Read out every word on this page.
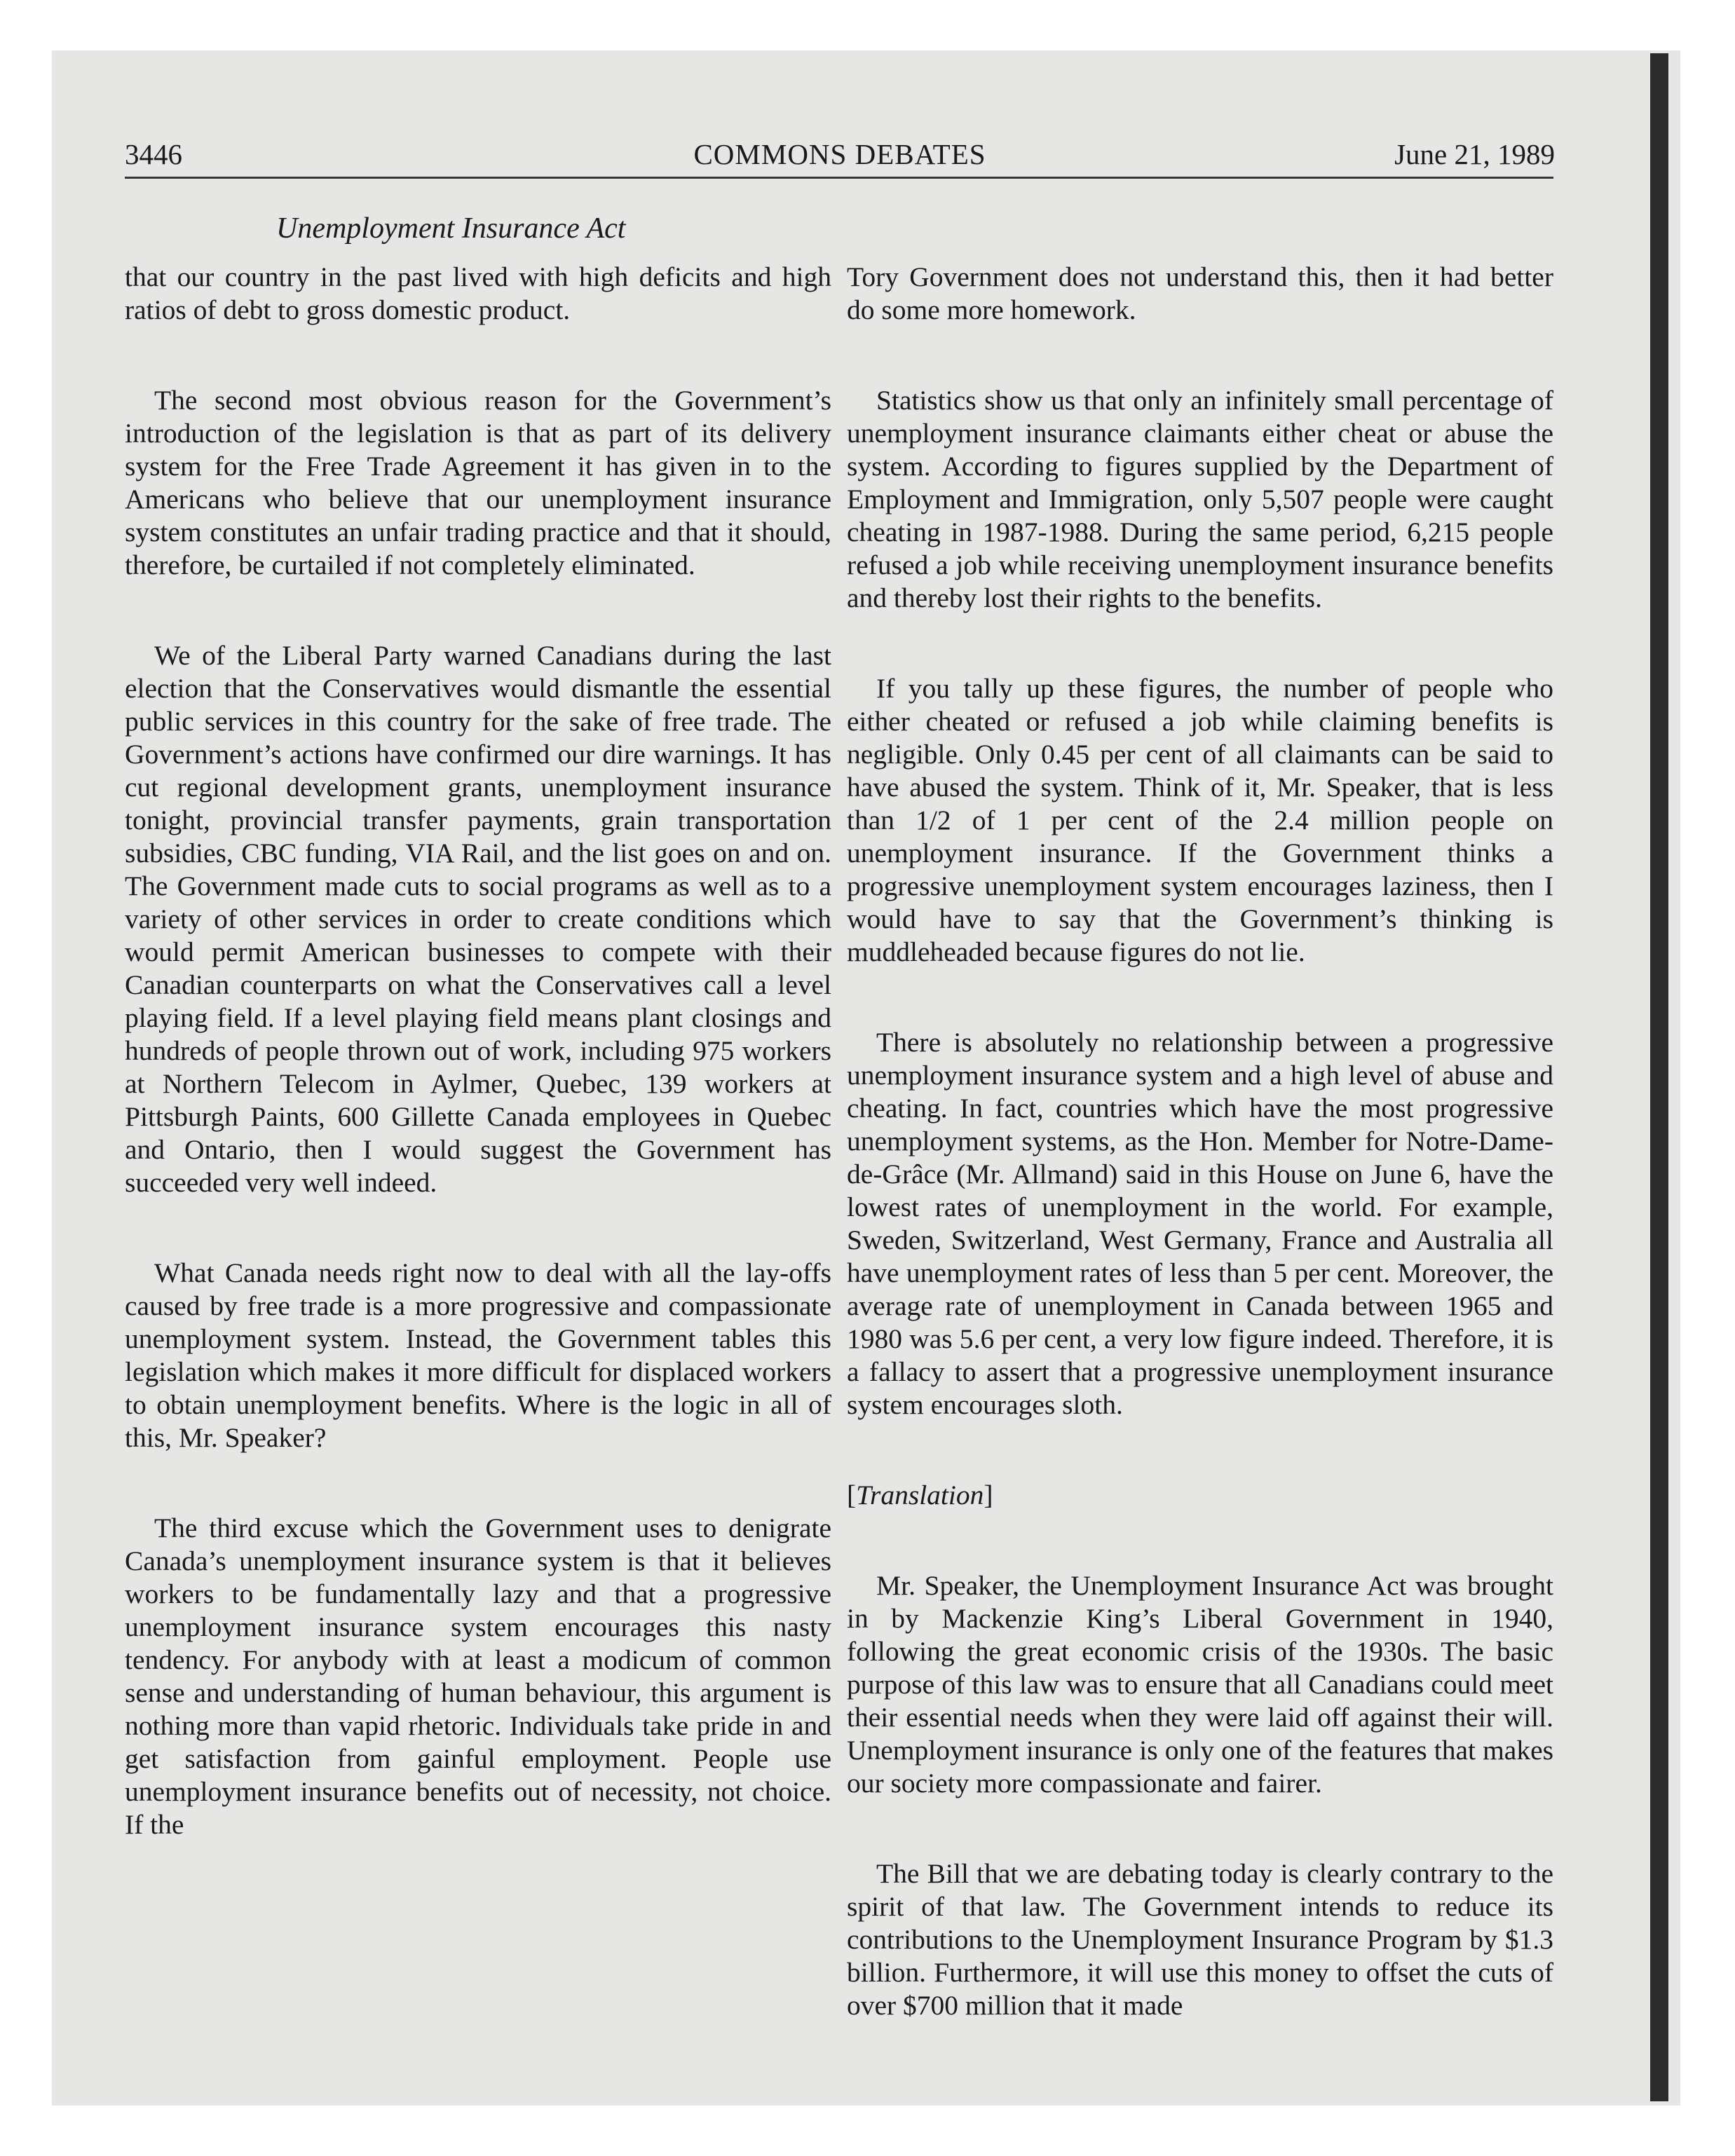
3446	COMMONS DEBATES	June 21, 1989
Unemployment Insurance Act

that our country in the past lived with high deficits and high ratios of debt to gross domestic product.

The second most obvious reason for the Government’s introduction of the legislation is that as part of its delivery system for the Free Trade Agreement it has given in to the Americans who believe that our unemployment insurance system constitutes an unfair trading practice and that it should, therefore, be curtailed if not completely eliminated.

We of the Liberal Party warned Canadians during the last election that the Conservatives would dismantle the essential public services in this country for the sake of free trade. The Government’s actions have confirmed our dire warnings. It has cut regional development grants, unemployment insurance tonight, provincial transfer payments, grain transportation subsidies, CBC funding, VIA Rail, and the list goes on and on. The Government made cuts to social programs as well as to a variety of other services in order to create conditions which would permit American businesses to compete with their Canadian counterparts on what the Conservatives call a level playing field. If a level playing field means plant closings and hundreds of people thrown out of work, including 975 workers at Northern Telecom in Aylmer, Quebec, 139 workers at Pittsburgh Paints, 600 Gillette Canada employees in Quebec and Ontario, then I would suggest the Government has succeeded very well indeed.

What Canada needs right now to deal with all the lay-offs caused by free trade is a more progressive and compassionate unemployment system. Instead, the Government tables this legislation which makes it more difficult for displaced workers to obtain unemployment benefits. Where is the logic in all of this, Mr. Speaker?

The third excuse which the Government uses to denigrate Canada’s unemployment insurance system is that it believes workers to be fundamentally lazy and that a progressive unemployment insurance system encourages this nasty tendency. For anybody with at least a modicum of common sense and understanding of human behaviour, this argument is nothing more than vapid rhetoric. Individuals take pride in and get satisfaction from gainful employment. People use unemployment insurance benefits out of necessity, not choice. If the

Tory Government does not understand this, then it had better do some more homework.

Statistics show us that only an infinitely small percentage of unemployment insurance claimants either cheat or abuse the system. According to figures supplied by the Department of Employment and Immigration, only 5,507 people were caught cheating in 1987-1988. During the same period, 6,215 people refused a job while receiving unemployment insurance benefits and thereby lost their rights to the benefits.

If you tally up these figures, the number of people who either cheated or refused a job while claiming benefits is negligible. Only 0.45 per cent of all claimants can be said to have abused the system. Think of it, Mr. Speaker, that is less than 1/2 of 1 per cent of the 2.4 million people on unemployment insurance. If the Government thinks a progressive unemployment system encourages laziness, then I would have to say that the Government’s thinking is muddleheaded because figures do not lie.

There is absolutely no relationship between a progressive unemployment insurance system and a high level of abuse and cheating. In fact, countries which have the most progressive unemployment systems, as the Hon. Member for Notre-Dame-de-Grâce (Mr. Allmand) said in this House on June 6, have the lowest rates of unemployment in the world. For example, Sweden, Switzerland, West Germany, France and Australia all have unemployment rates of less than 5 per cent. Moreover, the average rate of unemployment in Canada between 1965 and 1980 was 5.6 per cent, a very low figure indeed. Therefore, it is a fallacy to assert that a progressive unemployment insurance system encourages sloth.

[Translation]

Mr. Speaker, the Unemployment Insurance Act was brought in by Mackenzie King’s Liberal Government in 1940, following the great economic crisis of the 1930s. The basic purpose of this law was to ensure that all Canadians could meet their essential needs when they were laid off against their will. Unemployment insurance is only one of the features that makes our society more compassionate and fairer.

The Bill that we are debating today is clearly contrary to the spirit of that law. The Government intends to reduce its contributions to the Unemployment Insurance Program by $1.3 billion. Furthermore, it will use this money to offset the cuts of over $700 million that it made
